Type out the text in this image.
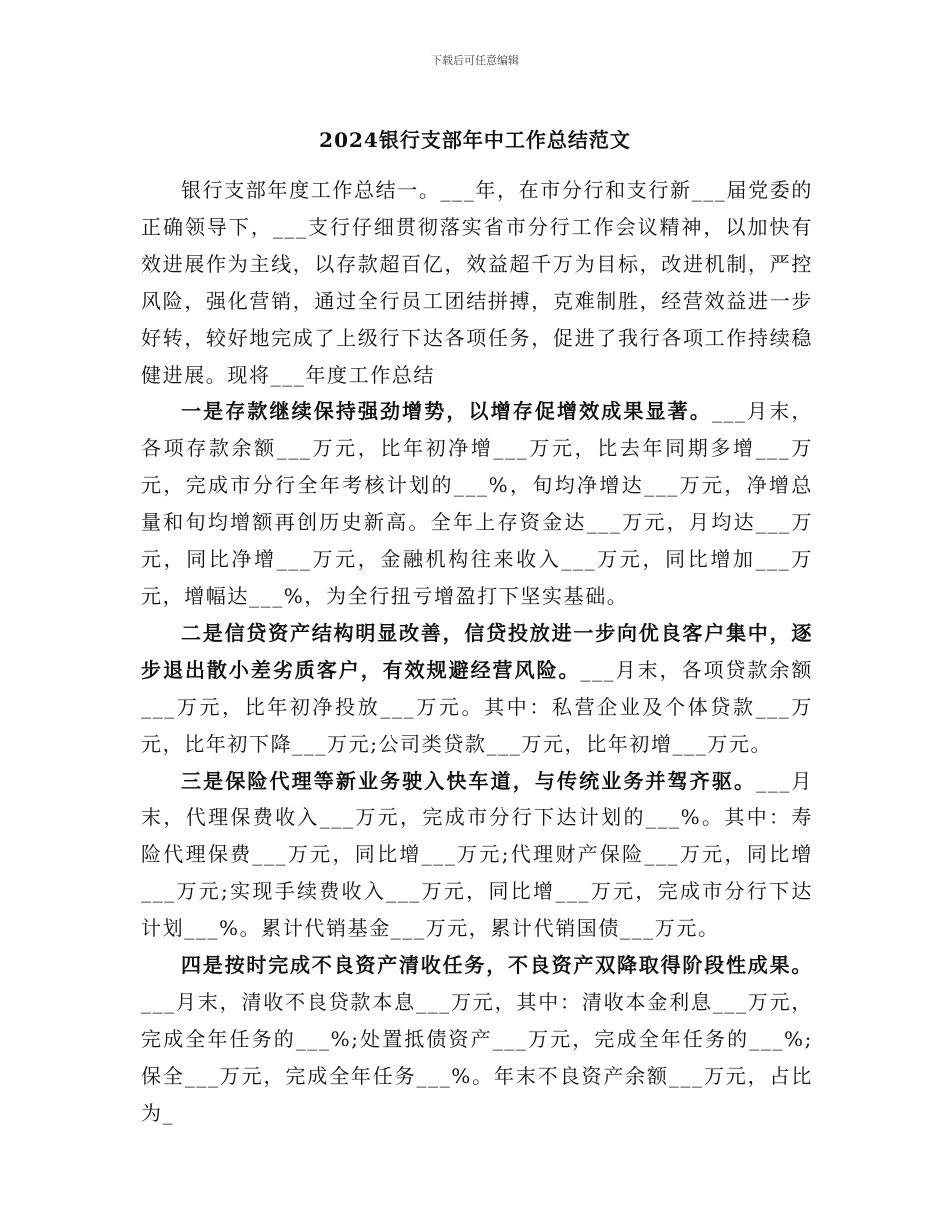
下载后可任意编辑
2024银行支部年中工作总结范文

银行支部年度工作总结一。___年，在市分行和支行新___届党委的正确领导下，___支行仔细贯彻落实省市分行工作会议精神，以加快有效进展作为主线，以存款超百亿，效益超千万为目标，改进机制，严控风险，强化营销，通过全行员工团结拼搏，克难制胜，经营效益进一步好转，较好地完成了上级行下达各项任务，促进了我行各项工作持续稳健进展。现将___年度工作总结

一是存款继续保持强劲增势，以增存促增效成果显著。___月末，各项存款余额___万元，比年初净增___万元，比去年同期多增___万元，完成市分行全年考核计划的___%，旬均净增达___万元，净增总量和旬均增额再创历史新高。全年上存资金达___万元，月均达___万元，同比净增___万元，金融机构往来收入___万元，同比增加___万元，增幅达___%，为全行扭亏增盈打下坚实基础。

二是信贷资产结构明显改善，信贷投放进一步向优良客户集中，逐步退出散小差劣质客户，有效规避经营风险。___月末，各项贷款余额___万元，比年初净投放___万元。其中：私营企业及个体贷款___万元，比年初下降___万元;公司类贷款___万元，比年初增___万元。

三是保险代理等新业务驶入快车道，与传统业务并驾齐驱。___月末，代理保费收入___万元，完成市分行下达计划的___%。其中：寿险代理保费___万元，同比增___万元;代理财产保险___万元，同比增___万元;实现手续费收入___万元，同比增___万元，完成市分行下达计划___%。累计代销基金___万元，累计代销国债___万元。

四是按时完成不良资产清收任务，不良资产双降取得阶段性成果。___月末，清收不良贷款本息___万元，其中：清收本金利息___万元，完成全年任务的___%;处置抵债资产___万元，完成全年任务的___%;保全___万元，完成全年任务___%。年末不良资产余额___万元，占比为_
